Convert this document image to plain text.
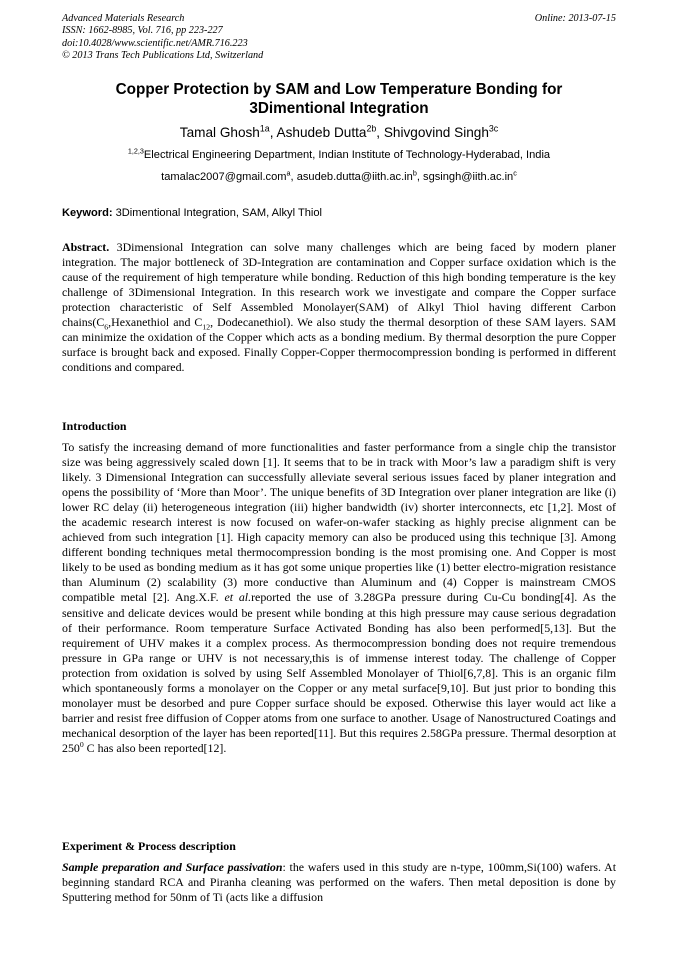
Advanced Materials Research
ISSN: 1662-8985, Vol. 716, pp 223-227
doi:10.4028/www.scientific.net/AMR.716.223
© 2013 Trans Tech Publications Ltd, Switzerland
Online: 2013-07-15
Copper Protection by SAM and Low Temperature Bonding for
3Dimentional Integration
Tamal Ghosh$^{1a}$, Ashudeb Dutta$^{2b}$, Shivgovind Singh$^{3c}$
$^{1,2,3}$Electrical Engineering Department, Indian Institute of Technology-Hyderabad, India
tamalac2007@gmail.com$^a$, $asudeb.dutta@iith.ac.in^b$, $sgsingh@iith.ac.in^c$
Keyword: 3Dimentional Integration, SAM, Alkyl Thiol
Abstract. 3Dimensional Integration can solve many challenges which are being faced by modern planer integration. The major bottleneck of 3D-Integration are contamination and Copper surface oxidation which is the cause of the requirement of high temperature while bonding. Reduction of this high bonding temperature is the key challenge of 3Dimensional Integration. In this research work we investigate and compare the Copper surface protection characteristic of Self Assembled Monolayer(SAM) of Alkyl Thiol having different Carbon $chains(C_6,Hexanethiol$ and $C_{12}$, Dodecanethiol). We also study the thermal desorption of these SAM layers. SAM can minimize the oxidation of the Copper which acts as a bonding medium. By thermal desorption the pure Copper surface is brought back and exposed. Finally Copper-Copper thermocompression bonding is performed in different conditions and compared.
Introduction
To satisfy the increasing demand of more functionalities and faster performance from a single chip the transistor size was being aggressively scaled down [1]. It seems that to be in track with Moor’s law a paradigm shift is very likely. 3 Dimensional Integration can successfully alleviate several serious issues faced by planer integration and opens the possibility of ‘More than Moor’. The unique benefits of 3D Integration over planer integration are like (i) lower RC delay (ii) heterogeneous integration (iii) higher bandwidth (iv) shorter interconnects, etc [1,2]. Most of the academic research interest is now focused on wafer-on-wafer stacking as highly precise alignment can be achieved from such integration [1]. High capacity memory can also be produced using this technique [3]. Among different bonding techniques metal thermocompression bonding is the most promising one. And Copper is most likely to be used as bonding medium as it has got some unique properties like (1) better electro-migration resistance than Aluminum (2) scalability (3) more conductive than Aluminum and (4) Copper is mainstream CMOS compatible metal [2]. Ang.X.F. et al.reported the use of 3.28GPa pressure during Cu-Cu bonding[4]. As the sensitive and delicate devices would be present while bonding at this high pressure may cause serious degradation of their performance. Room temperature Surface Activated Bonding has also been performed[5,13]. But the requirement of UHV makes it a complex process. As thermocompression bonding does not require tremendous pressure in GPa range or UHV is not necessary,this is of immense interest today. The challenge of Copper protection from oxidation is solved by using Self Assembled Monolayer of Thiol[6,7,8]. This is an organic film which spontaneously forms a monolayer on the Copper or any metal surface[9,10]. But just prior to bonding this monolayer must be desorbed and pure Copper surface should be exposed. Otherwise this layer would act like a barrier and resist free diffusion of Copper atoms from one surface to another. Usage of Nanostructured Coatings and mechanical desorption of the layer has been reported[11]. But this requires 2.58GPa pressure. Thermal desorption at $250^0$ C has also been reported[12].
Experiment & Process description
Sample preparation and Surface passivation: the wafers used in this study are n-type, 100mm,Si(100) wafers. At beginning standard RCA and Piranha cleaning was performed on the wafers. Then metal deposition is done by Sputtering method for 50nm of Ti (acts like a diffusion
